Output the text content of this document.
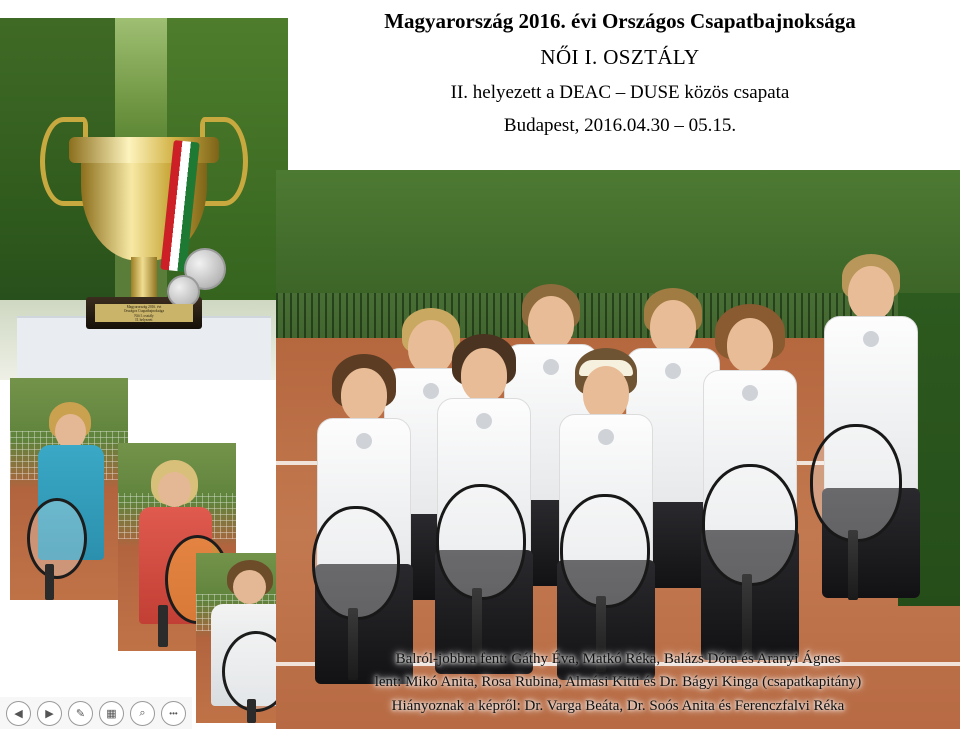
Magyarország 2016. évi Országos Csapatbajnoksága

NŐI I. OSZTÁLY

II. helyezett a DEAC – DUSE közös csapata

Budapest, 2016.04.30 – 05.15.

Magyarország 2016. évi
Országos Csapatbajnoksága
Női I. osztály
II. helyezett

Balról-jobbra fent: Gáthy Éva, Matkó Réka, Balázs Dóra és Aranyi Ágnes

lent: Mikó Anita, Rosa Rubina, Almási Kitti és Dr. Bágyi Kinga (csapatkapitány)

Hiányoznak a képről: Dr. Varga Beáta, Dr. Soós Anita és Ferenczfalvi Réka

◀	▶	✎	▦	⌕	•••
